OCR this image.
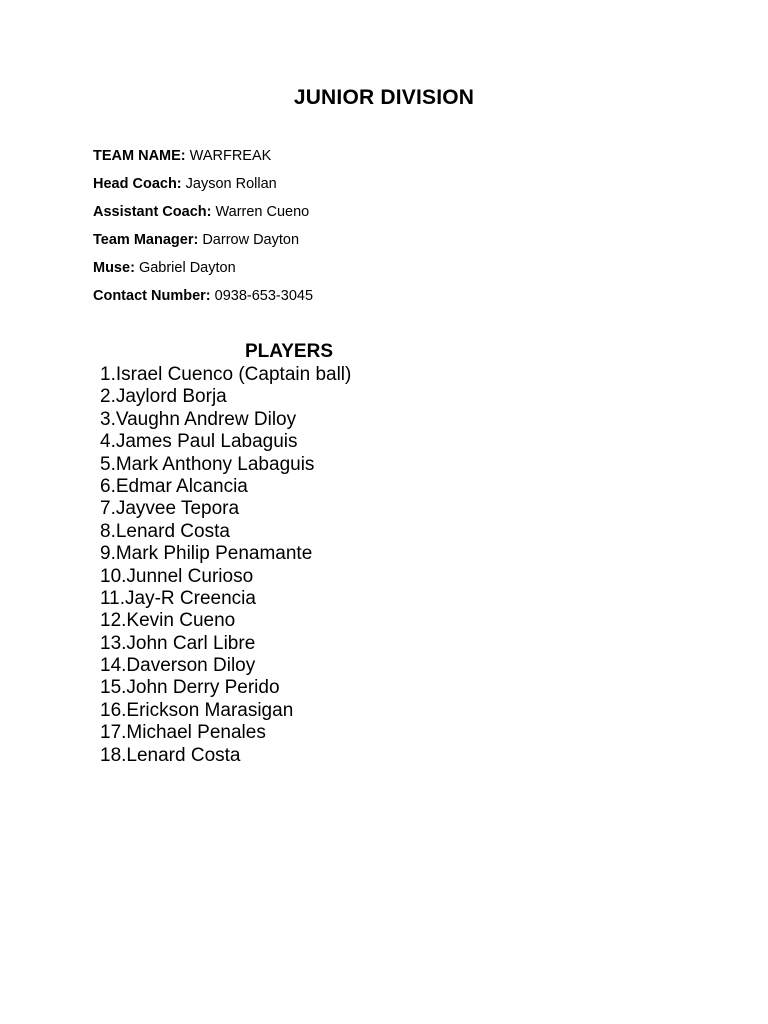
JUNIOR DIVISION
TEAM NAME: WARFREAK
Head Coach: Jayson Rollan
Assistant Coach: Warren Cueno
Team Manager: Darrow Dayton
Muse: Gabriel Dayton
Contact Number: 0938-653-3045
PLAYERS
1.Israel Cuenco (Captain ball)
2.Jaylord Borja
3.Vaughn Andrew Diloy
4.James Paul Labaguis
5.Mark Anthony Labaguis
6.Edmar Alcancia
7.Jayvee Tepora
8.Lenard Costa
9.Mark Philip Penamante
10.Junnel Curioso
11.Jay-R Creencia
12.Kevin Cueno
13.John Carl Libre
14.Daverson Diloy
15.John Derry Perido
16.Erickson Marasigan
17.Michael Penales
18.Lenard Costa
